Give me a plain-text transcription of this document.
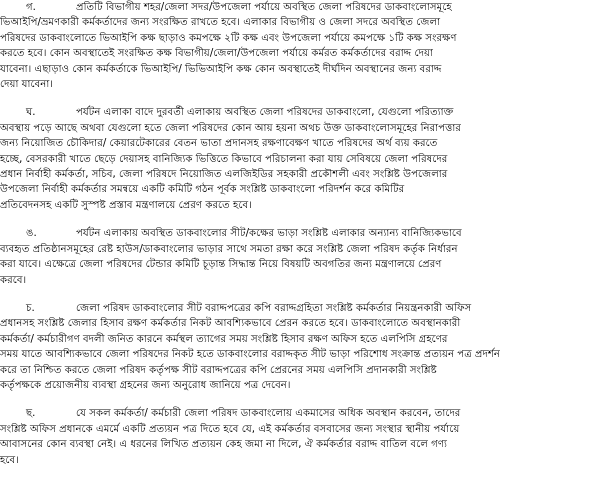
গ.	প্রতিটি বিভাগীয় শহর/জেলা সদর/উপজেলা পর্যায়ে অবস্থিত জেলা পরিষদের ডাকবাংলোসমূহে
ভিআইপি/ভ্রমণকারী কর্মকর্তাদের জন্য সংরক্ষিত রাখতে হবে। এলাকার বিভাগীয় ও জেলা সদরে অবস্থিত জেলা
পরিষদের ডাকবাংলোতে ভিআইপি কক্ষ ছাড়াও কমপক্ষে ২টি কক্ষ এবং উপজেলা পর্যায়ে কমপক্ষে ১টি কক্ষ সংরক্ষণ
করতে হবে। কোন অবস্থাতেই সংরক্ষিত কক্ষ বিভাগীয়/জেলা/উপজেলা পর্যায়ে কর্মরত কর্মকর্তাদের বরাদ্দ দেয়া
যাবেনা। এছাড়াও কোন কর্মকর্তাকে ভিআইপি/ ভিভিআইপি কক্ষ কোন অবস্থাতেই দীর্ঘদিন অবস্থানের জন্য বরাদ্দ
দেয়া যাবেনা।
ঘ.	পর্যটন এলাকা বাদে দুরবর্তী এলাকায় অবস্থিত জেলা পরিষদের ডাকবাংলো, যেগুলো পরিত্যাক্ত
অবস্থায় পড়ে আছে অথবা যেগুলো হতে জেলা পরিষদের কোন আয় হয়না অথচ উক্ত ডাকবাংলোসমূহের নিরাপত্তার
জন্য নিয়োজিত চৌকিদার/ কেয়ারটেকারের বেতন ভাতা প্রদানসহ রক্ষণাবেক্ষণ খাতে পরিষদের অর্থ ব্যয় করতে
হচ্ছে, বেসরকারী খাতে ছেড়ে দেয়াসহ বানিজ্যিক ভিত্তিতে কিভাবে পরিচালনা করা যায় সেবিষয়ে জেলা পরিষদের
প্রধান নির্বাহী কর্মকর্তা, সচিব, জেলা পরিষদে নিয়োজিত এলজিইডির সহকারী প্রকৌশলী এবং সংশ্লিষ্ট উপজেলার
উপজেলা নির্বাহী কর্মকর্তার সমন্বয়ে একটি কমিটি গঠন পূর্বক সংশ্লিষ্ট ডাকবাংলো পরিদর্শন করে কমিটির
প্রতিবেদনসহ একটি সুস্পষ্ট প্রস্তাব মন্ত্রণালয়ে প্রেরণ করতে হবে।
ঙ.	পর্যটন এলাকায় অবস্থিত ডাকবাংলোর সীট/কক্ষের ভাড়া সংশ্লিষ্ট এলাকার অন্যান্য বানিজ্যিকভাবে
ব্যবহৃত প্রতিষ্ঠানসমূহের রেষ্ট হাউস/ডাকবাংলোর ভাড়ার সাথে সমতা রক্ষা করে সংশ্লিষ্ট জেলা পরিষদ কর্তৃক নির্ধারন
করা যাবে। এক্ষেত্রে জেলা পরিষদের টেন্ডার কমিটি চূড়ান্ত সিদ্ধান্ত নিয়ে বিষয়টি অবগতির জন্য মন্ত্রণালয়ে প্রেরণ
করবে।
চ.	জেলা পরিষদ ডাকবাংলোর সীট বরাদ্দপত্রের কপি বরাদ্দগ্রহিতা সংশ্লিষ্ট কর্মকর্তার নিয়ন্ত্রনকারী অফিস
প্রধানসহ সংশ্লিষ্ট জেলার হিসাব রক্ষণ কর্মকর্তার নিকট আবশ্যিকভাবে প্রেরন করতে হবে। ডাকবাংলোতে অবস্থানকারী
কর্মকর্তা/ কর্মচারীগণ বদলী জনিত কারনে কর্মস্থল ত্যাগের সময় সংশ্লিষ্ট হিসাব রক্ষণ অফিস হতে এলপিসি গ্রহণের
সময় যাতে আবশ্যিকভাবে জেলা পরিষদের নিকট হতে ডাকবাংলোর বরাদ্দকৃত সীট ভাড়া পরিশোধ সংক্রান্ত প্রত্যয়ন পত্র প্রদর্শন
করে তা নিশ্চিত করতে জেলা পরিষদ কর্তৃপক্ষ সীট বরাদ্দপত্রের কপি প্রেরনের সময় এলপিসি প্রদানকারী সংশ্লিষ্ট
কর্তৃপক্ষকে প্রয়োজনীয় ব্যবস্থা গ্রহনের জন্য অনুরোধ জানিয়ে পত্র দেবেন।
ছ.	যে সকল কর্মকর্তা/ কর্মচারী জেলা পরিষদ ডাকবাংলোয় একমাসের অধিক অবস্থান করবেন, তাদের
সংশ্লিষ্ট অফিস প্রধানকে এমর্মে একটি প্রত্যয়ন পত্র দিতে হবে যে, এই কর্মকর্তার বসবাসের জন্য সংস্থার স্থানীয় পর্যায়ে
আবাসনের কোন ব্যবস্থা নেই। এ ধরনের লিখিত প্রত্যয়ন কেহ জমা না দিলে, ঐ কর্মকর্তার বরাদ্দ বাতিল বলে গণ্য
হবে।
